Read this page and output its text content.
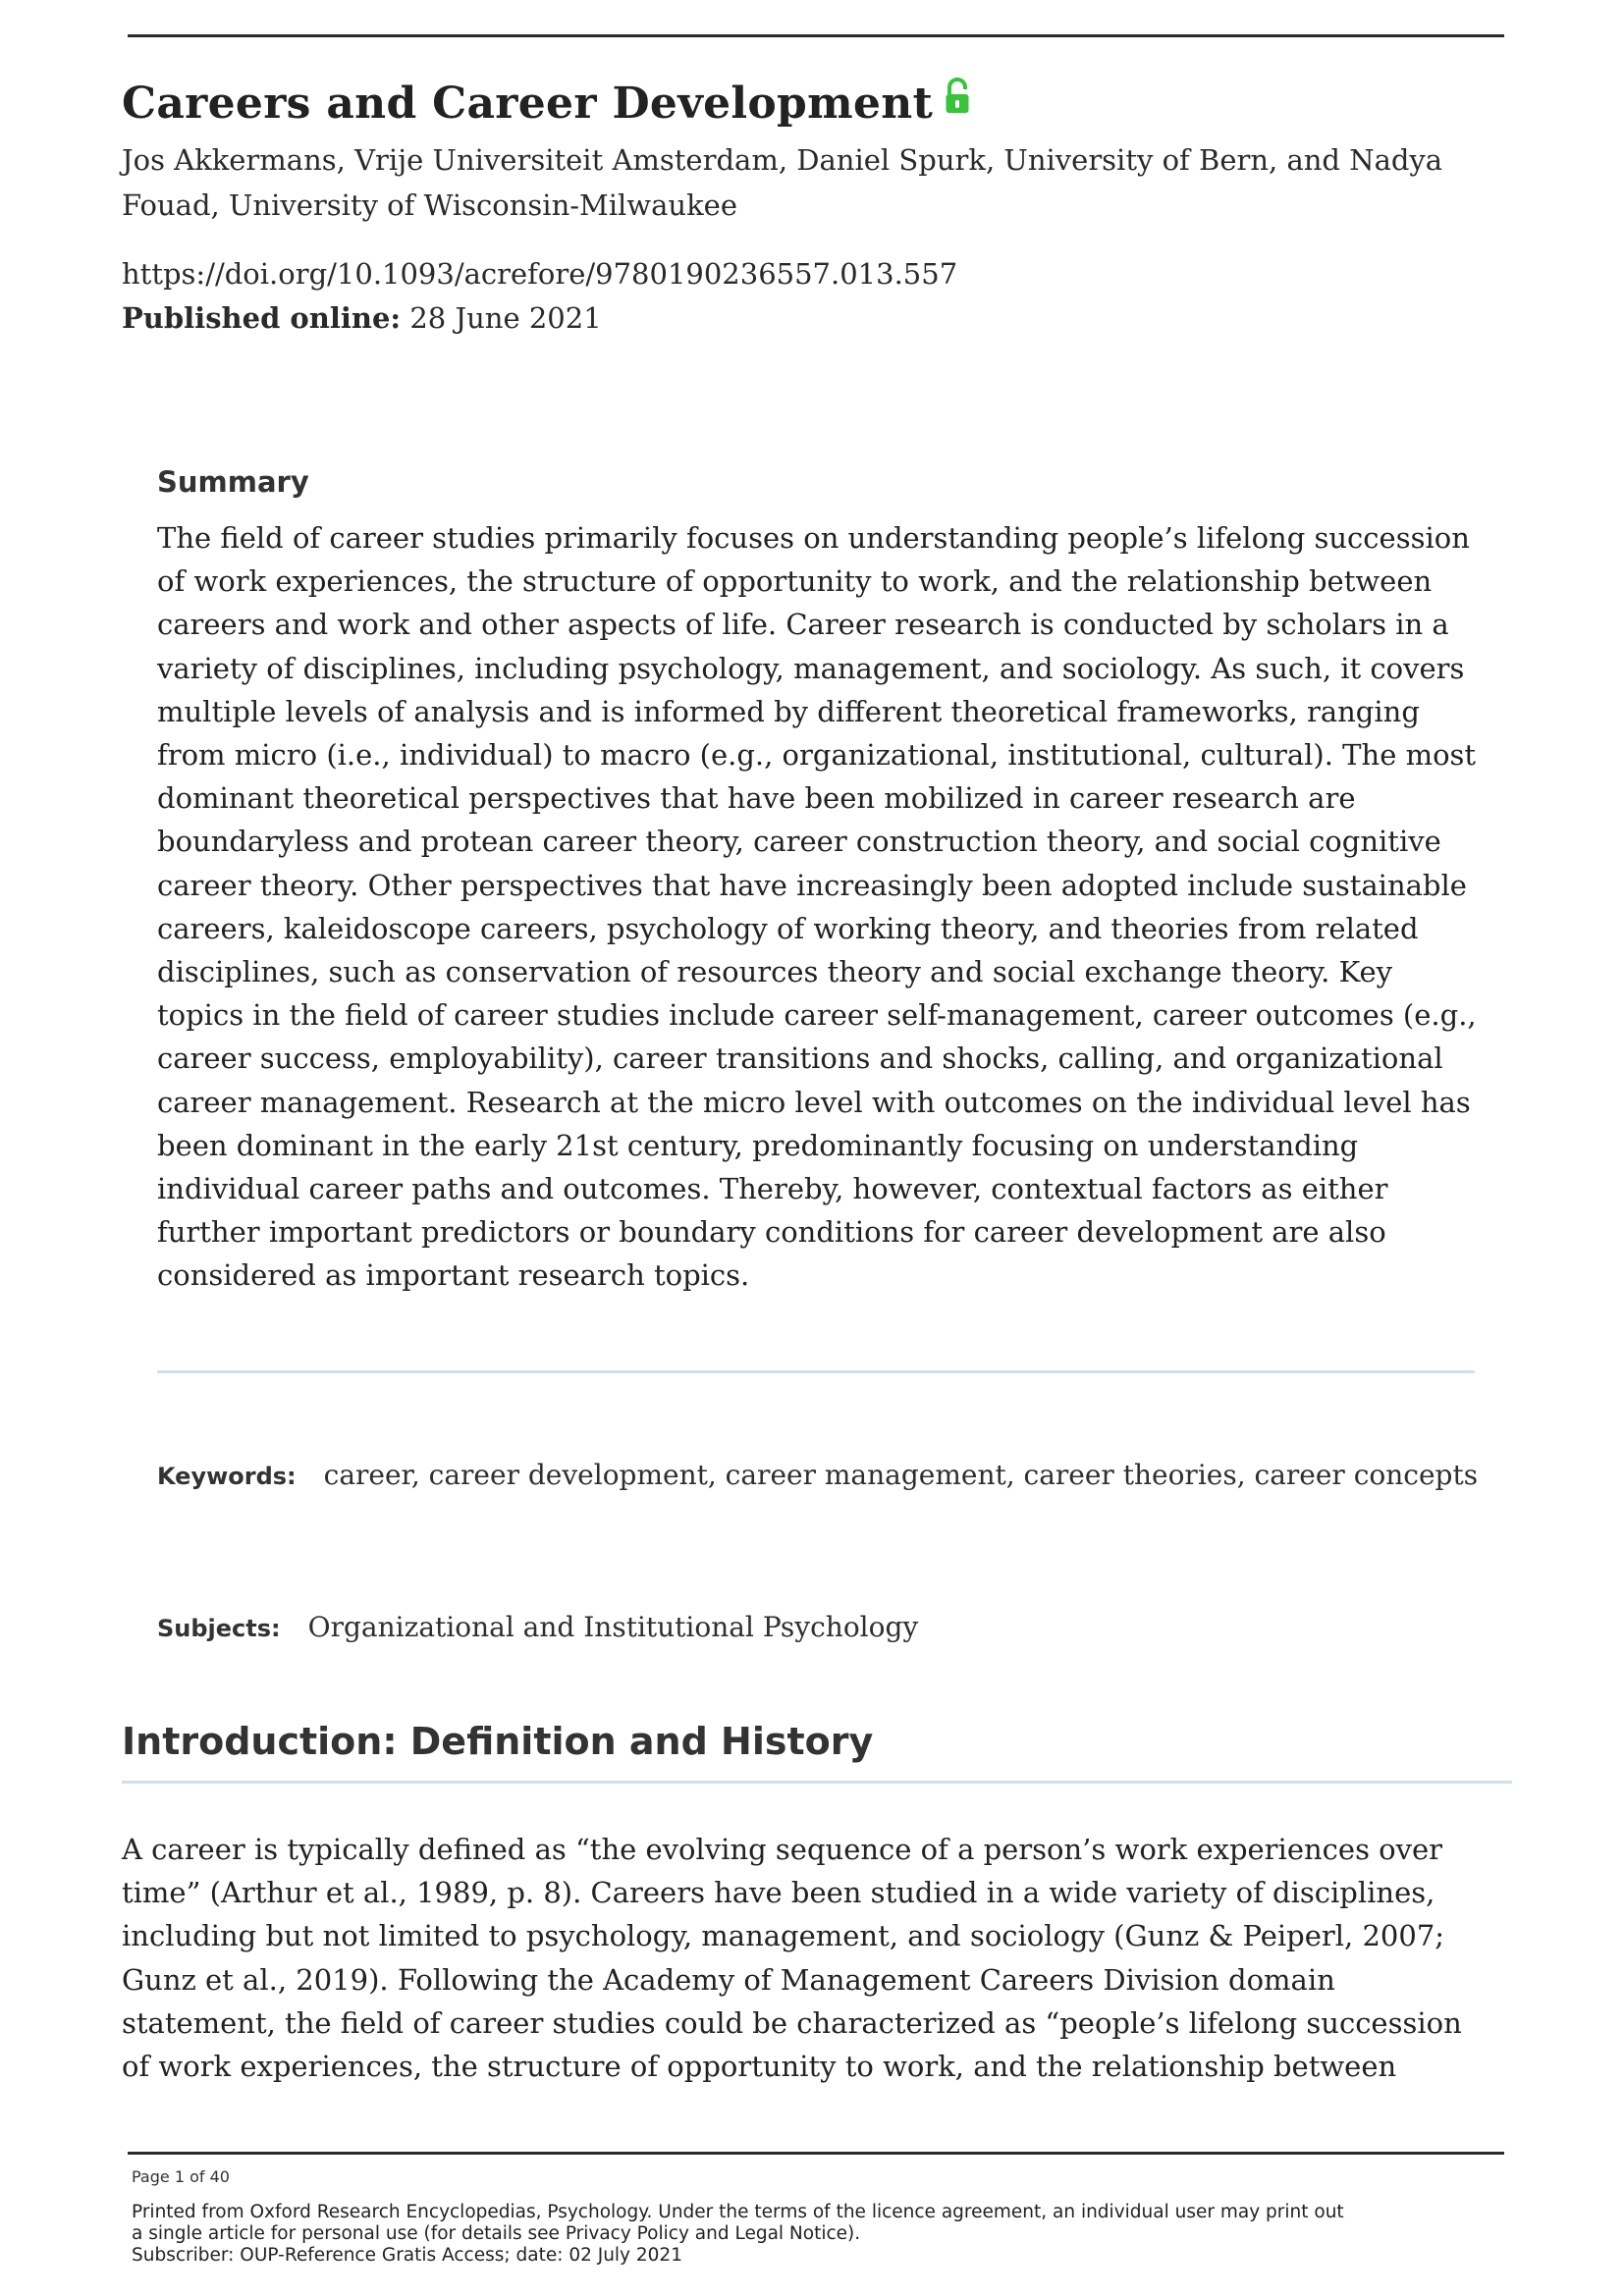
Careers and Career Development
Jos Akkermans, Vrije Universiteit Amsterdam, Daniel Spurk, University of Bern, and Nadya Fouad, University of Wisconsin-Milwaukee
https://doi.org/10.1093/acrefore/9780190236557.013.557
Published online: 28 June 2021
Summary

The field of career studies primarily focuses on understanding people’s lifelong succession of work experiences, the structure of opportunity to work, and the relationship between careers and work and other aspects of life. Career research is conducted by scholars in a variety of disciplines, including psychology, management, and sociology. As such, it covers multiple levels of analysis and is informed by different theoretical frameworks, ranging from micro (i.e., individual) to macro (e.g., organizational, institutional, cultural). The most dominant theoretical perspectives that have been mobilized in career research are boundaryless and protean career theory, career construction theory, and social cognitive career theory. Other perspectives that have increasingly been adopted include sustainable careers, kaleidoscope careers, psychology of working theory, and theories from related disciplines, such as conservation of resources theory and social exchange theory. Key topics in the field of career studies include career self-management, career outcomes (e.g., career success, employability), career transitions and shocks, calling, and organizational career management. Research at the micro level with outcomes on the individual level has been dominant in the early 21st century, predominantly focusing on understanding individual career paths and outcomes. Thereby, however, contextual factors as either further important predictors or boundary conditions for career development are also considered as important research topics.

Keywords: career, career development, career management, career theories, career concepts
Subjects: Organizational and Institutional Psychology
Introduction: Definition and History

A career is typically defined as “the evolving sequence of a person’s work experiences over time” (Arthur et al., 1989, p. 8). Careers have been studied in a wide variety of disciplines, including but not limited to psychology, management, and sociology (Gunz & Peiperl, 2007; Gunz et al., 2019). Following the Academy of Management Careers Division domain statement, the field of career studies could be characterized as “people’s lifelong succession of work experiences, the structure of opportunity to work, and the relationship between

Page 1 of 40
Printed from Oxford Research Encyclopedias, Psychology. Under the terms of the licence agreement, an individual user may print out
a single article for personal use (for details see Privacy Policy and Legal Notice).
Subscriber: OUP-Reference Gratis Access; date: 02 July 2021
